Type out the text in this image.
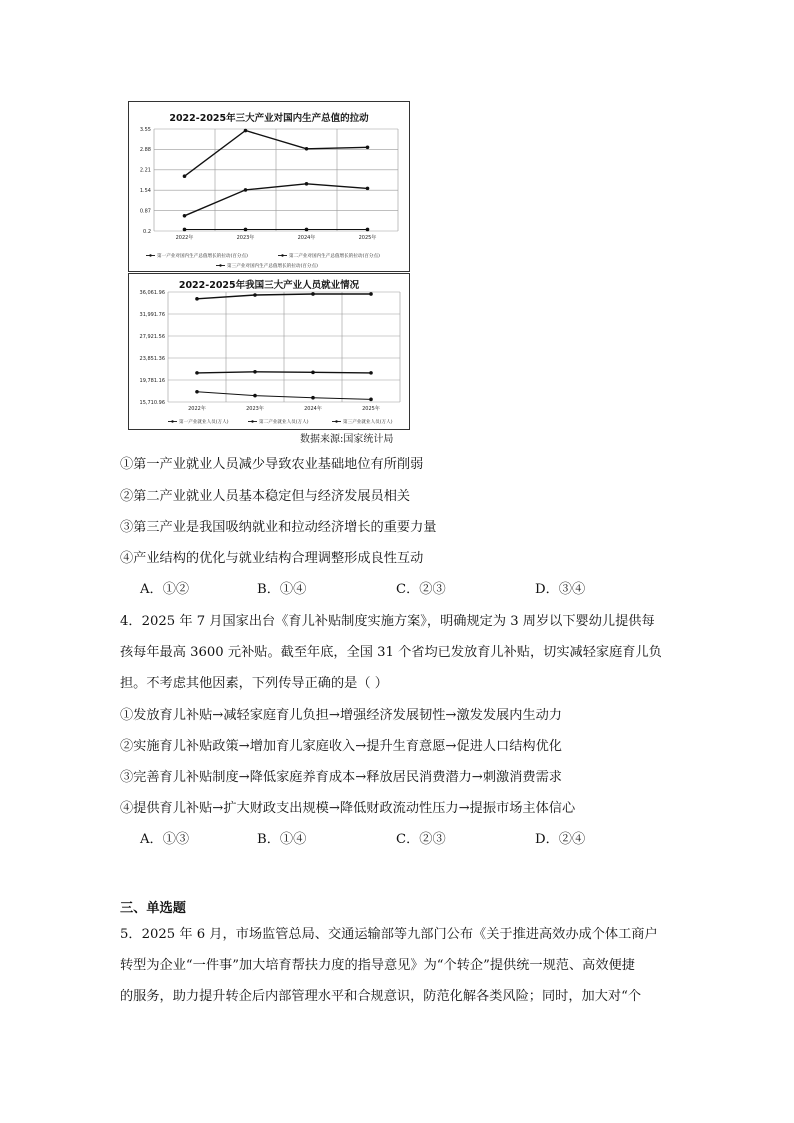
2022-2025年三大产业对国内生产总值的拉动
2022-2025年我国三大产业人员就业情况
3.55
2.88
2.21
1.54
0.87
0.2
2022年	2023年	2024年	2025年
第一产业对国内生产总值增长的拉动(百分点)	第二产业对国内生产总值增长的拉动(百分点)
第三产业对国内生产总值增长的拉动(百分点)
36,061.96
31,991.76
27,921.56
23,851.36
19,781.16
15,710.96
2022年	2023年	2024年	2025年
第一产业就业人员(万人)	第二产业就业人员(万人)	第三产业就业人员(万人)
数据来源:国家统计局
①第一产业就业人员减少导致农业基础地位有所削弱
②第二产业就业人员基本稳定但与经济发展员相关
③第三产业是我国吸纳就业和拉动经济增长的重要力量
④产业结构的优化与就业结构合理调整形成良性互动
A．①②	B．①④	C．②③	D．③④
4．2025 年 7 月国家出台《育儿补贴制度实施方案》，明确规定为 3 周岁以下婴幼儿提供每
孩每年最高 3600 元补贴。截至年底，全国 31 个省均已发放育儿补贴，切实减轻家庭育儿负
担。不考虑其他因素，下列传导正确的是（ ）
①发放育儿补贴→减轻家庭育儿负担→增强经济发展韧性→激发发展内生动力
②实施育儿补贴政策→增加育儿家庭收入→提升生育意愿→促进人口结构优化
③完善育儿补贴制度→降低家庭养育成本→释放居民消费潜力→刺激消费需求
④提供育儿补贴→扩大财政支出规模→降低财政流动性压力→提振市场主体信心
A．①③	B．①④	C．②③	D．②④
三、单选题
5．2025 年 6 月，市场监管总局、交通运输部等九部门公布《关于推进高效办成个体工商户
转型为企业“一件事”加大培育帮扶力度的指导意见》为“个转企”提供统一规范、高效便捷
的服务，助力提升转企后内部管理水平和合规意识，防范化解各类风险；同时，加大对“个
